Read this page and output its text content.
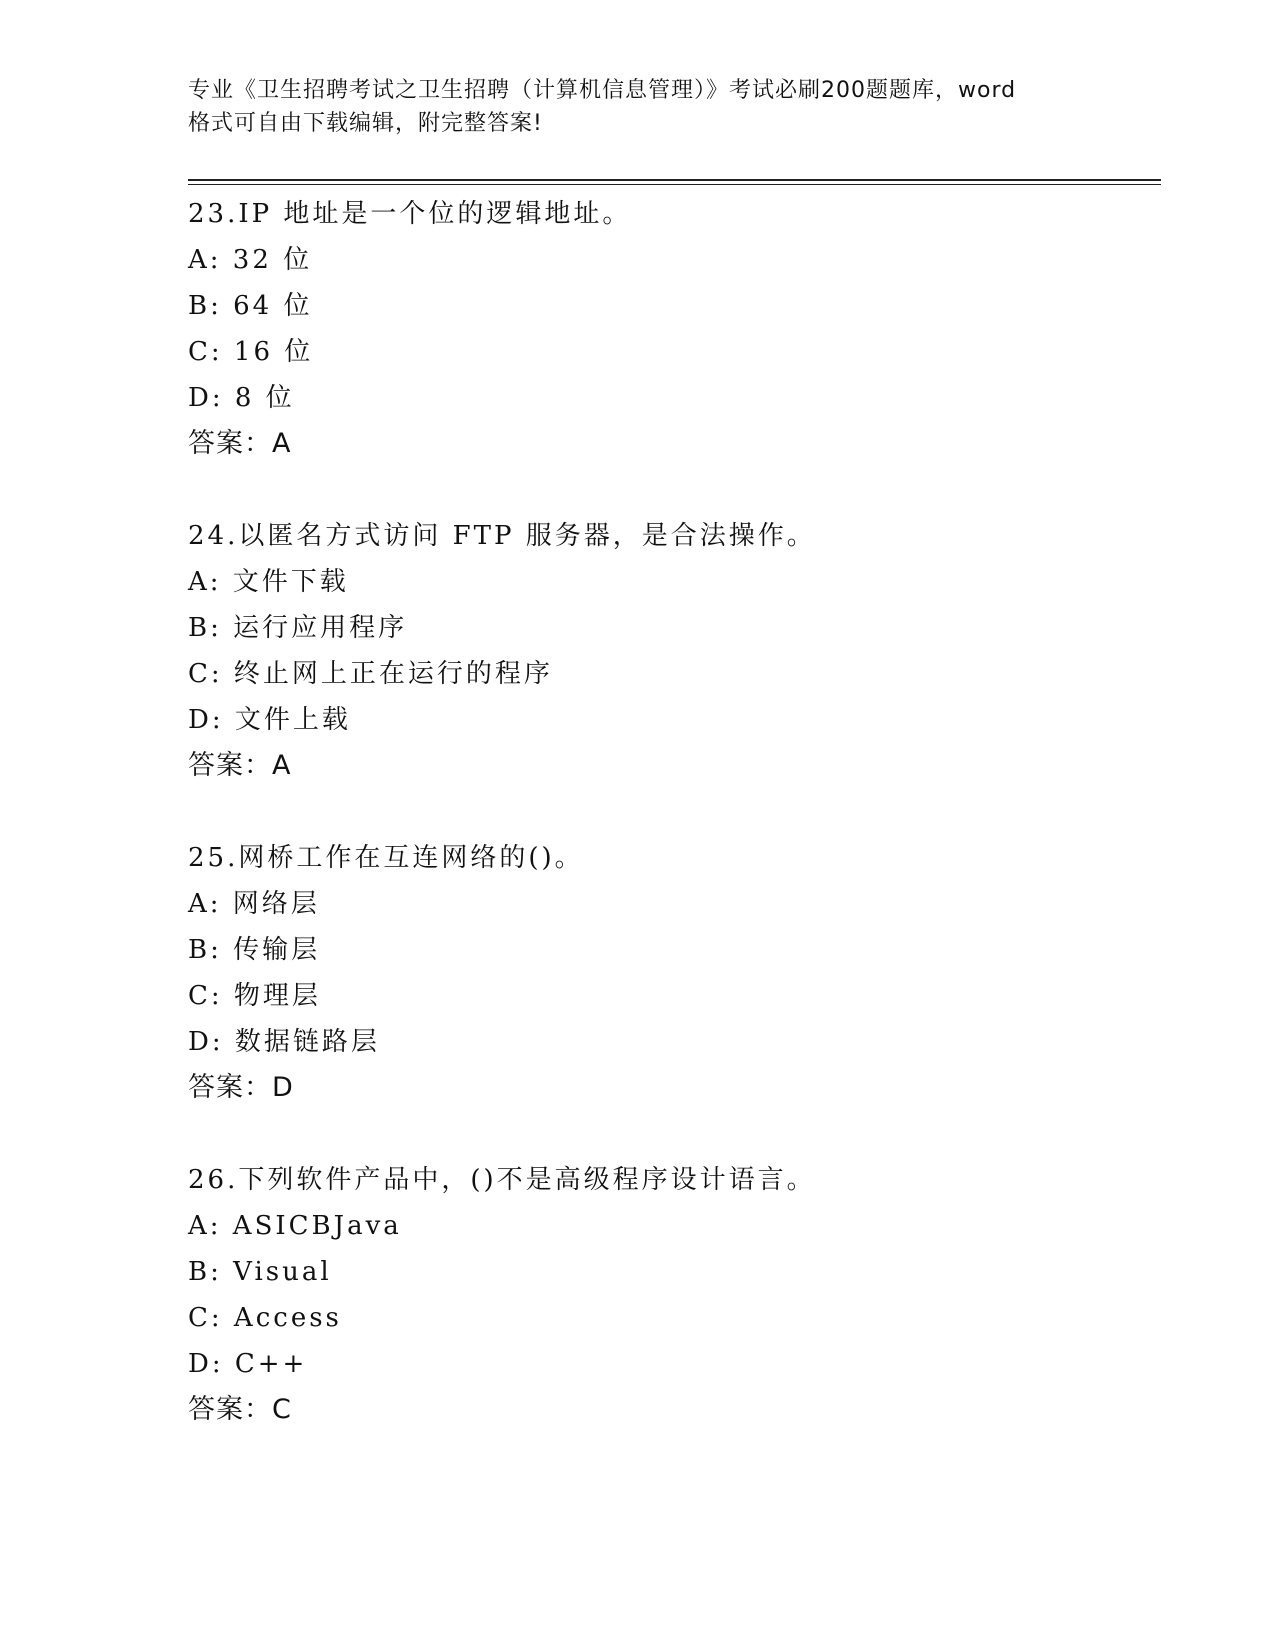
专业《卫生招聘考试之卫生招聘（计算机信息管理）》考试必刷200题题库，word
格式可自由下载编辑，附完整答案!
23.IP 地址是一个位的逻辑地址。
A: 32 位
B: 64 位
C: 16 位
D: 8 位
答案：A
24.以匿名方式访问 FTP 服务器，是合法操作。
A: 文件下载
B: 运行应用程序
C: 终止网上正在运行的程序
D: 文件上载
答案：A
25.网桥工作在互连网络的()。
A: 网络层
B: 传输层
C: 物理层
D: 数据链路层
答案：D
26.下列软件产品中，()不是高级程序设计语言。
A: ASICBJava
B: Visual
C: Access
D: C++
答案：C
